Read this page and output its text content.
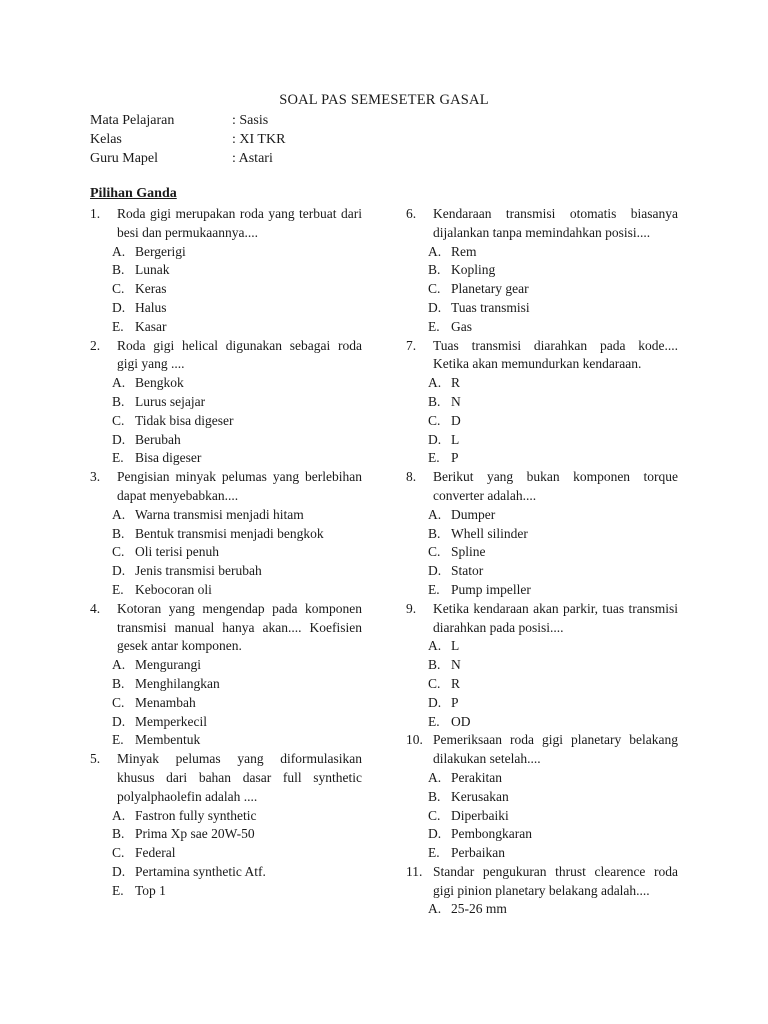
SOAL PAS SEMESETER GASAL
Mata Pelajaran	: Sasis
Kelas	: XI TKR
Guru Mapel	: Astari
Pilihan Ganda
1.	Roda gigi merupakan roda yang terbuat dari besi dan permukaannya....
A. Bergerigi
B. Lunak
C. Keras
D. Halus
E. Kasar
2.	Roda gigi helical digunakan sebagai roda gigi yang ....
A. Bengkok
B. Lurus sejajar
C. Tidak bisa digeser
D. Berubah
E. Bisa digeser
3.	Pengisian minyak pelumas yang berlebihan dapat menyebabkan....
A. Warna transmisi menjadi hitam
B. Bentuk transmisi menjadi bengkok
C. Oli terisi penuh
D. Jenis transmisi berubah
E. Kebocoran oli
4.	Kotoran yang mengendap pada komponen transmisi manual hanya akan.... Koefisien gesek antar komponen.
A. Mengurangi
B. Menghilangkan
C. Menambah
D. Memperkecil
E. Membentuk
5.	Minyak pelumas yang diformulasikan khusus dari bahan dasar full synthetic polyalphaolefin adalah ....
A. Fastron fully synthetic
B. Prima Xp sae 20W-50
C. Federal
D. Pertamina synthetic Atf.
E. Top 1
6.	Kendaraan transmisi otomatis biasanya dijalankan tanpa memindahkan posisi....
A. Rem
B. Kopling
C. Planetary gear
D. Tuas transmisi
E. Gas
7.	Tuas transmisi diarahkan pada kode.... Ketika akan memundurkan kendaraan.
A. R
B. N
C. D
D. L
E. P
8.	Berikut yang bukan komponen torque converter adalah....
A. Dumper
B. Whell silinder
C. Spline
D. Stator
E. Pump impeller
9.	Ketika kendaraan akan parkir, tuas transmisi diarahkan pada posisi....
A. L
B. N
C. R
D. P
E. OD
10. Pemeriksaan roda gigi planetary belakang dilakukan setelah....
A. Perakitan
B. Kerusakan
C. Diperbaiki
D. Pembongkaran
E. Perbaikan
11. Standar pengukuran thrust clearence roda gigi pinion planetary belakang adalah....
A. 25-26 mm
